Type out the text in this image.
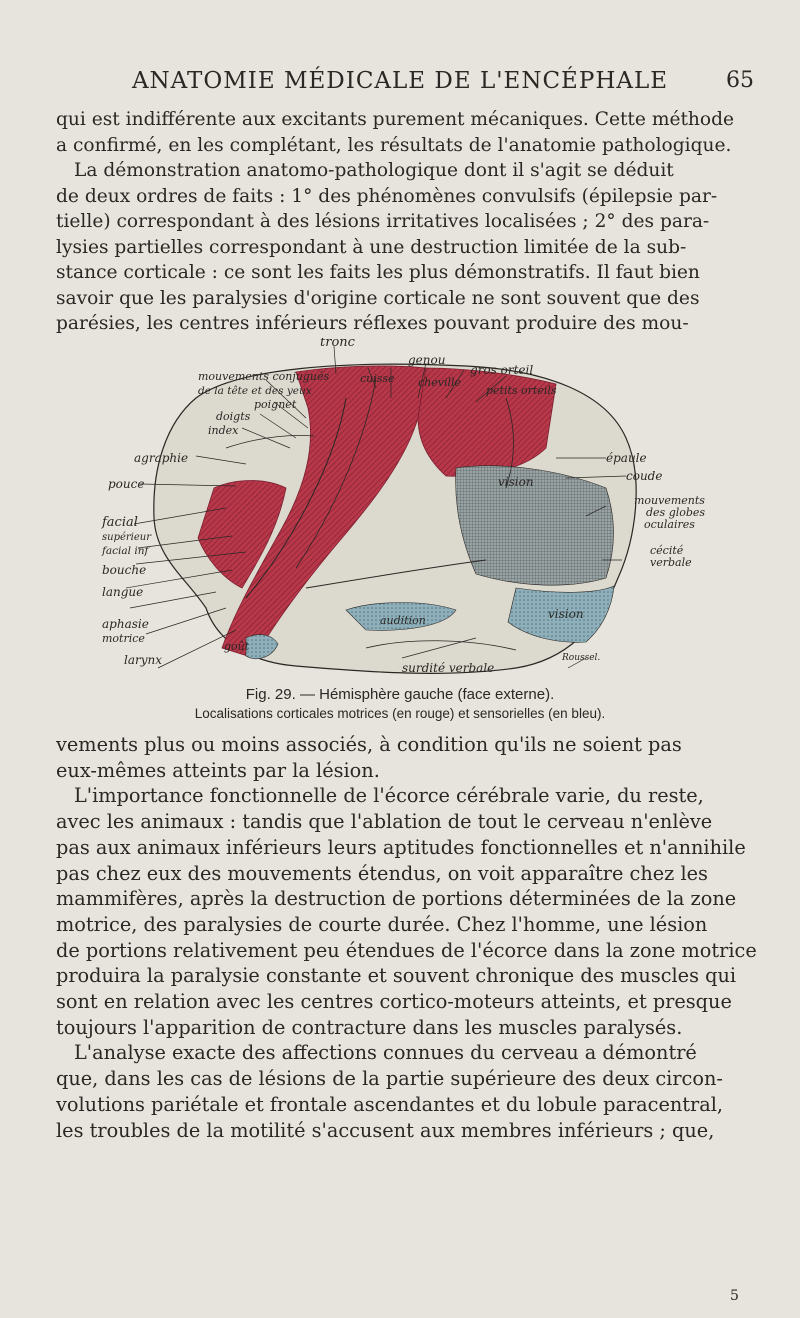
ANATOMIE MÉDICALE DE L'ENCÉPHALE	65

qui est indifférente aux excitants purement mécaniques. Cette méthode

a confirmé, en les complétant, les résultats de l'anatomie pathologique.

La démonstration anatomo-pathologique dont il s'agit se déduit

de deux ordres de faits : 1° des phénomènes convulsifs (épilepsie par-

tielle) correspondant à des lésions irritatives localisées ; 2° des para-

lysies partielles correspondant à une destruction limitée de la sub-

stance corticale : ce sont les faits les plus démonstratifs. Il faut bien

savoir que les paralysies d'origine corticale ne sont souvent que des

parésies, les centres inférieurs réflexes pouvant produire des mou-

tronc
genou
cuisse cheville
gros orteil
petits orteils
mouvements conjugués
de la tête et des yeux
poignet
doigts
index
agraphie
pouce
facial
supérieur
facial inf
bouche
langue
aphasie
motrice
larynx
goût
audition
vision
vision
épaule
coude
mouvements
des globes
oculaires
cécité
verbale
surdité verbale
Roussel.
Fig. 29. — Hémisphère gauche (face externe).
Localisations corticales motrices (en rouge) et sensorielles (en bleu).

vements plus ou moins associés, à condition qu'ils ne soient pas

eux-mêmes atteints par la lésion.

L'importance fonctionnelle de l'écorce cérébrale varie, du reste,

avec les animaux : tandis que l'ablation de tout le cerveau n'enlève

pas aux animaux inférieurs leurs aptitudes fonctionnelles et n'annihile

pas chez eux des mouvements étendus, on voit apparaître chez les

mammifères, après la destruction de portions déterminées de la zone

motrice, des paralysies de courte durée. Chez l'homme, une lésion

de portions relativement peu étendues de l'écorce dans la zone motrice

produira la paralysie constante et souvent chronique des muscles qui

sont en relation avec les centres cortico-moteurs atteints, et presque

toujours l'apparition de contracture dans les muscles paralysés.

L'analyse exacte des affections connues du cerveau a démontré

que, dans les cas de lésions de la partie supérieure des deux circon-

volutions pariétale et frontale ascendantes et du lobule paracentral,

les troubles de la motilité s'accusent aux membres inférieurs ; que,

5
